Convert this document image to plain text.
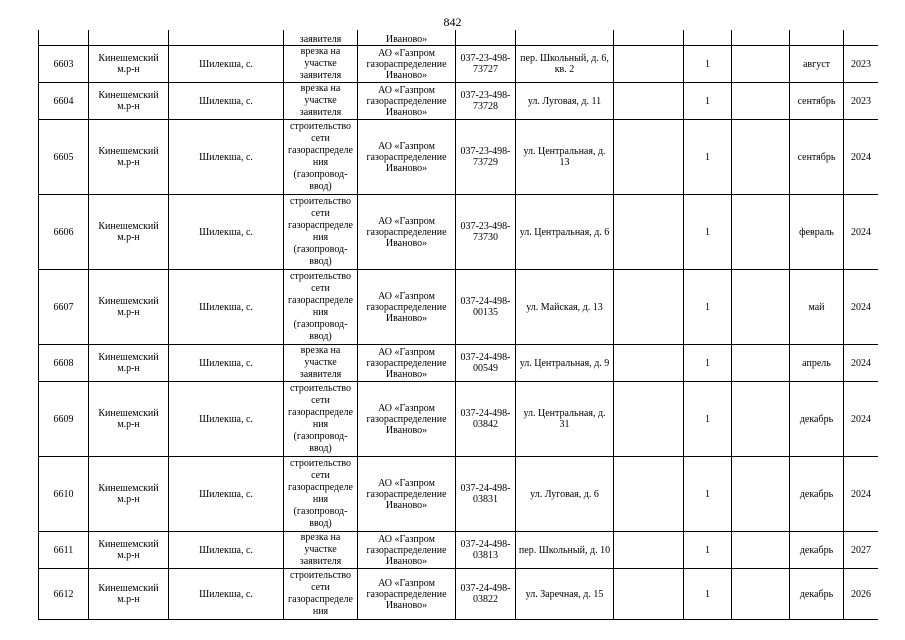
842
			заявителя	Иваново»							
6603	Кинешемский м.р-н	Шилекша, с.	врезка на участке заявителя	АО «Газпром газораспределение Иваново»	037-23-498-73727	пер. Школьный, д. 6, кв. 2		1		август	2023
6604	Кинешемский м.р-н	Шилекша, с.	врезка на участке заявителя	АО «Газпром газораспределение Иваново»	037-23-498-73728	ул. Луговая, д. 11		1		сентябрь	2023
6605	Кинешемский м.р-н	Шилекша, с.	строительство сети газораспределения (газопровод-ввод)	АО «Газпром газораспределение Иваново»	037-23-498-73729	ул. Центральная, д. 13		1		сентябрь	2024
6606	Кинешемский м.р-н	Шилекша, с.	строительство сети газораспределения (газопровод-ввод)	АО «Газпром газораспределение Иваново»	037-23-498-73730	ул. Центральная, д. 6		1		февраль	2024
6607	Кинешемский м.р-н	Шилекша, с.	строительство сети газораспределения (газопровод-ввод)	АО «Газпром газораспределение Иваново»	037-24-498-00135	ул. Майская, д. 13		1		май	2024
6608	Кинешемский м.р-н	Шилекша, с.	врезка на участке заявителя	АО «Газпром газораспределение Иваново»	037-24-498-00549	ул. Центральная, д. 9		1		апрель	2024
6609	Кинешемский м.р-н	Шилекша, с.	строительство сети газораспределения (газопровод-ввод)	АО «Газпром газораспределение Иваново»	037-24-498-03842	ул. Центральная, д. 31		1		декабрь	2024
6610	Кинешемский м.р-н	Шилекша, с.	строительство сети газораспределения (газопровод-ввод)	АО «Газпром газораспределение Иваново»	037-24-498-03831	ул. Луговая, д. 6		1		декабрь	2024
6611	Кинешемский м.р-н	Шилекша, с.	врезка на участке заявителя	АО «Газпром газораспределение Иваново»	037-24-498-03813	пер. Школьный, д. 10		1		декабрь	2027
6612	Кинешемский м.р-н	Шилекша, с.	строительство сети газораспределения	АО «Газпром газораспределение Иваново»	037-24-498-03822	ул. Заречная, д. 15		1		декабрь	2026
